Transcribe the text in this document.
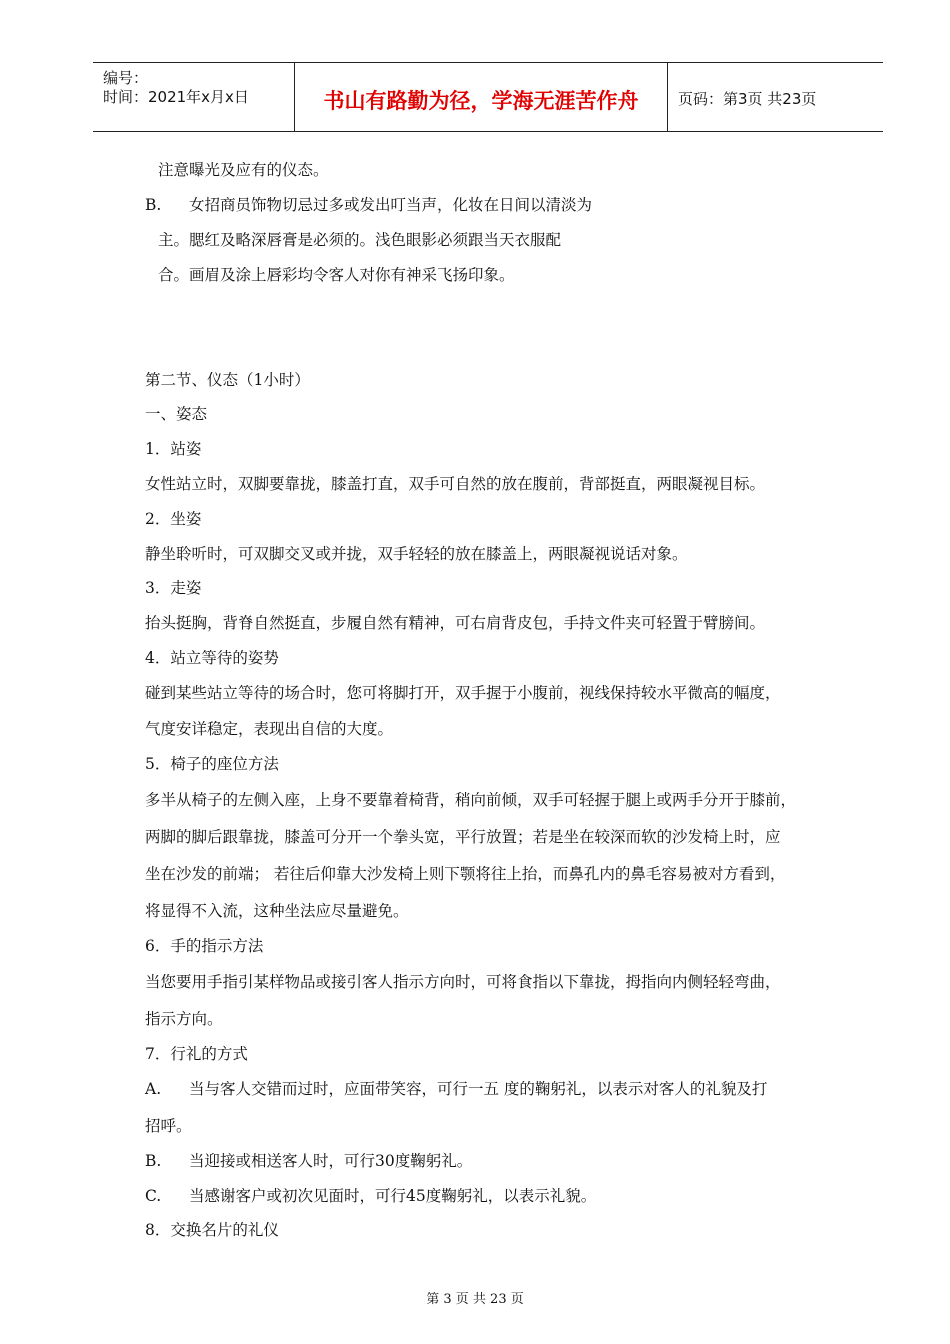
编号：
时间：2021年x月x日	书山有路勤为径，学海无涯苦作舟	页码：第3页 共23页
注意曝光及应有的仪态。
B. 女招商员饰物切忌过多或发出叮当声，化妆在日间以清淡为
主。腮红及略深唇膏是必须的。浅色眼影必须跟当天衣服配
合。画眉及涂上唇彩均令客人对你有神采飞扬印象。
第二节、仪态（1小时）
一、姿态
1．站姿
女性站立时，双脚要靠拢，膝盖打直，双手可自然的放在腹前，背部挺直，两眼凝视目标。
2．坐姿
静坐聆听时，可双脚交叉或并拢，双手轻轻的放在膝盖上，两眼凝视说话对象。
3．走姿
抬头挺胸，背脊自然挺直，步履自然有精神，可右肩背皮包，手持文件夹可轻置于臂膀间。
4．站立等待的姿势
碰到某些站立等待的场合时，您可将脚打开，双手握于小腹前，视线保持较水平微高的幅度，
气度安详稳定，表现出自信的大度。
5．椅子的座位方法
多半从椅子的左侧入座，上身不要靠着椅背，稍向前倾，双手可轻握于腿上或两手分开于膝前，
两脚的脚后跟靠拢，膝盖可分开一个拳头宽，平行放置；若是坐在较深而软的沙发椅上时，应
坐在沙发的前端； 若往后仰靠大沙发椅上则下颚将往上抬，而鼻孔内的鼻毛容易被对方看到，
将显得不入流，这种坐法应尽量避免。
6．手的指示方法
当您要用手指引某样物品或接引客人指示方向时，可将食指以下靠拢，拇指向内侧轻轻弯曲，
指示方向。
7．行礼的方式
A. 当与客人交错而过时，应面带笑容，可行一五 度的鞠躬礼，以表示对客人的礼貌及打
招呼。
B. 当迎接或相送客人时，可行30度鞠躬礼。
C. 当感谢客户或初次见面时，可行45度鞠躬礼，以表示礼貌。
8．交换名片的礼仪
第 3 页 共 23 页
